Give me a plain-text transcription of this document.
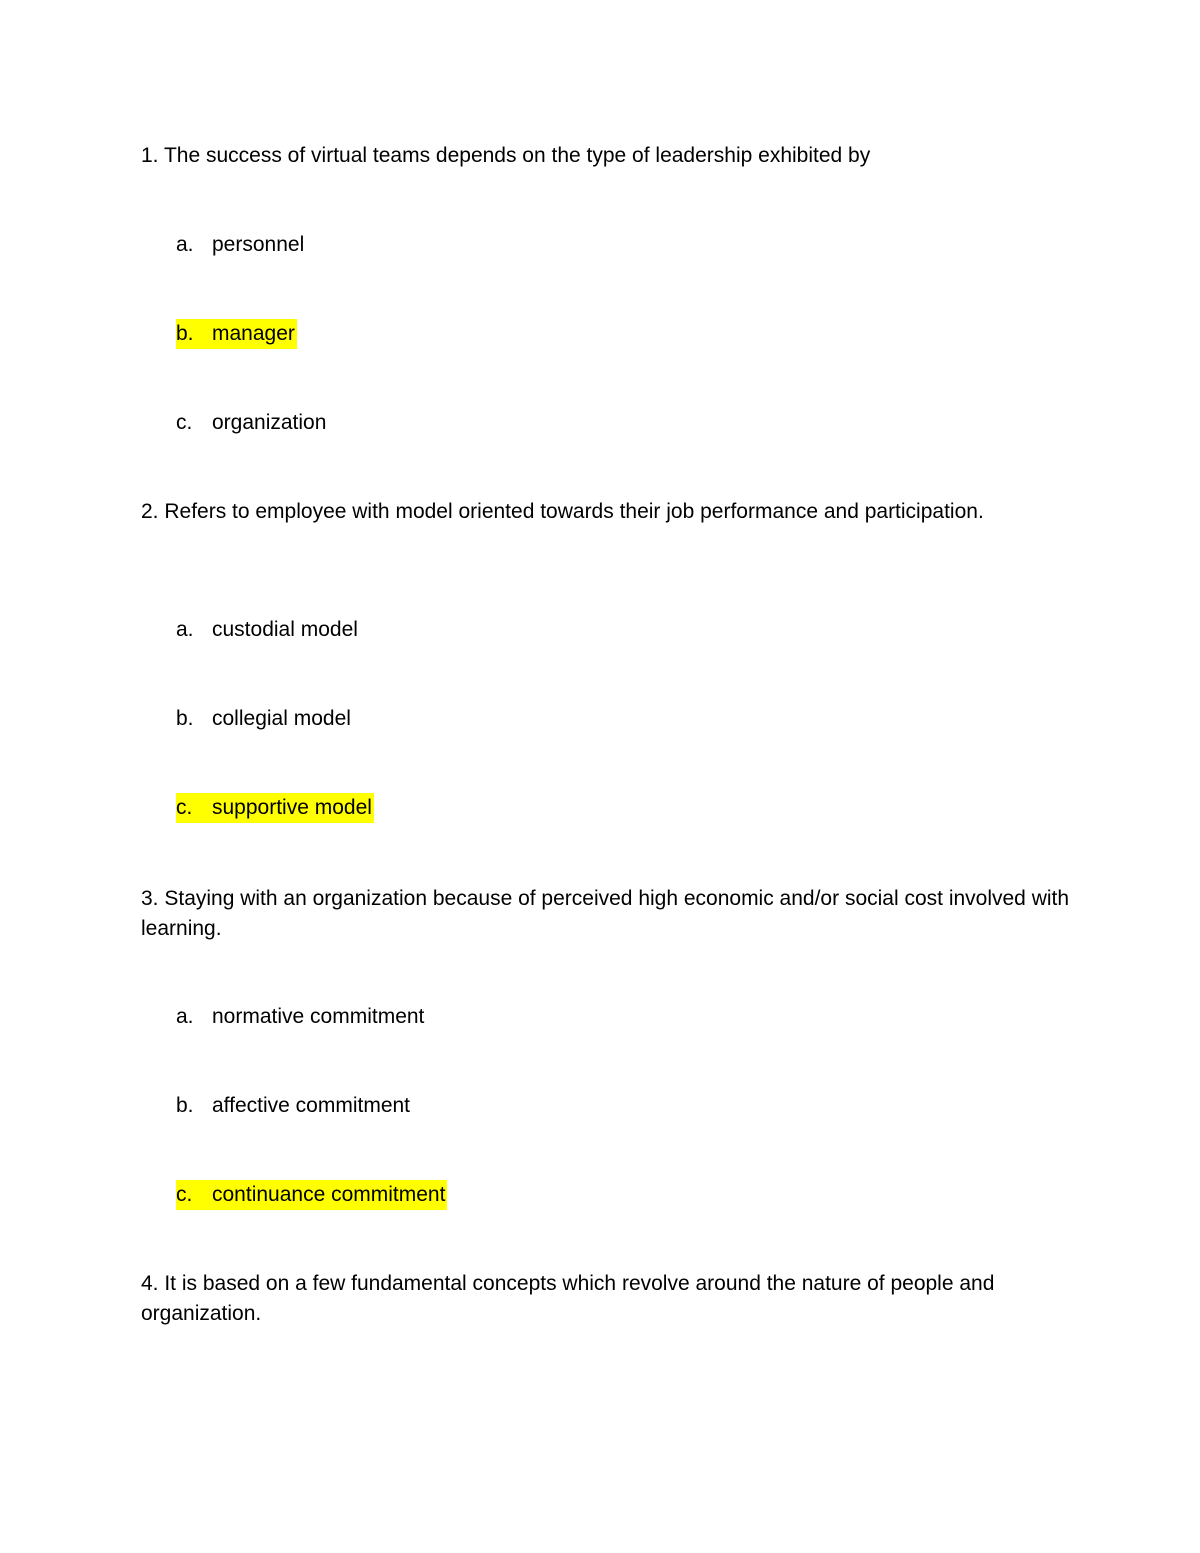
1. The success of virtual teams depends on the type of leadership exhibited by

a. personnel

b. manager

c. organization

2. Refers to employee with model oriented towards their job performance and participation.

a. custodial model

b. collegial model

c. supportive model

3. Staying with an organization because of perceived high economic and/or social cost involved with learning.

a. normative commitment

b. affective commitment

c. continuance commitment

4. It is based on a few fundamental concepts which revolve around the nature of people and organization.
